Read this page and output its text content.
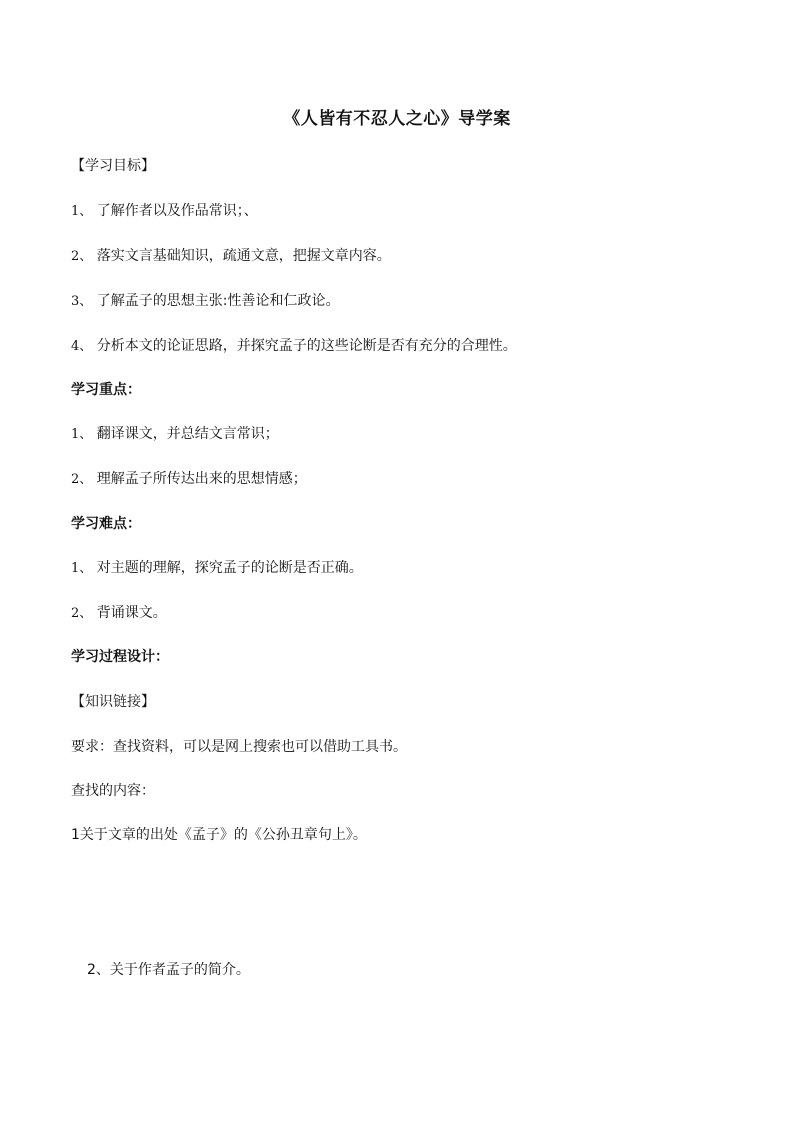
《人皆有不忍人之心》导学案
【学习目标】
1、 了解作者以及作品常识；、
2、 落实文言基础知识，疏通文意，把握文章内容。
3、 了解孟子的思想主张:性善论和仁政论。
4、 分析本文的论证思路，并探究孟子的这些论断是否有充分的合理性。
学习重点：
1、 翻译课文，并总结文言常识；
2、 理解孟子所传达出来的思想情感；
学习难点：
1、 对主题的理解，探究孟子的论断是否正确。
2、 背诵课文。
学习过程设计：
【知识链接】
要求：查找资料，可以是网上搜索也可以借助工具书。
查找的内容：
1关于文章的出处《孟子》的《公孙丑章句上》。
2、关于作者孟子的简介。
